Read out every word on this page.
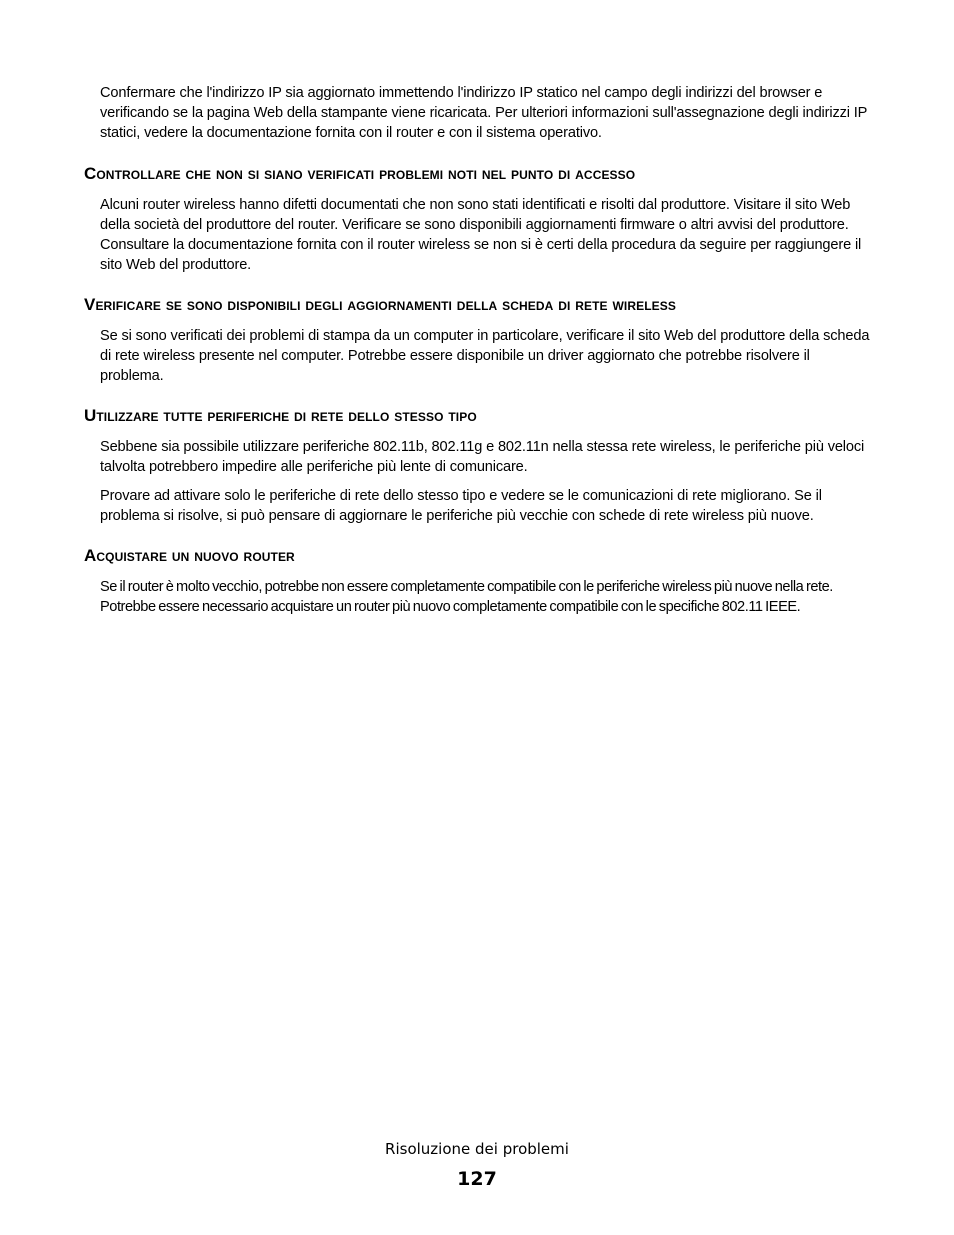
Confermare che l'indirizzo IP sia aggiornato immettendo l'indirizzo IP statico nel campo degli indirizzi del browser e verificando se la pagina Web della stampante viene ricaricata. Per ulteriori informazioni sull'assegnazione degli indirizzi IP statici, vedere la documentazione fornita con il router e con il sistema operativo.

Controllare che non si siano verificati problemi noti nel punto di accesso

Alcuni router wireless hanno difetti documentati che non sono stati identificati e risolti dal produttore. Visitare il sito Web della società del produttore del router. Verificare se sono disponibili aggiornamenti firmware o altri avvisi del produttore. Consultare la documentazione fornita con il router wireless se non si è certi della procedura da seguire per raggiungere il sito Web del produttore.

Verificare se sono disponibili degli aggiornamenti della scheda di rete wireless

Se si sono verificati dei problemi di stampa da un computer in particolare, verificare il sito Web del produttore della scheda di rete wireless presente nel computer. Potrebbe essere disponibile un driver aggiornato che potrebbe risolvere il problema.

Utilizzare tutte periferiche di rete dello stesso tipo

Sebbene sia possibile utilizzare periferiche 802.11b, 802.11g e 802.11n nella stessa rete wireless, le periferiche più veloci talvolta potrebbero impedire alle periferiche più lente di comunicare.

Provare ad attivare solo le periferiche di rete dello stesso tipo e vedere se le comunicazioni di rete migliorano. Se il problema si risolve, si può pensare di aggiornare le periferiche più vecchie con schede di rete wireless più nuove.

Acquistare un nuovo router

Se il router è molto vecchio, potrebbe non essere completamente compatibile con le periferiche wireless più nuove nella rete. Potrebbe essere necessario acquistare un router più nuovo completamente compatibile con le specifiche 802.11 IEEE.

Risoluzione dei problemi
127
